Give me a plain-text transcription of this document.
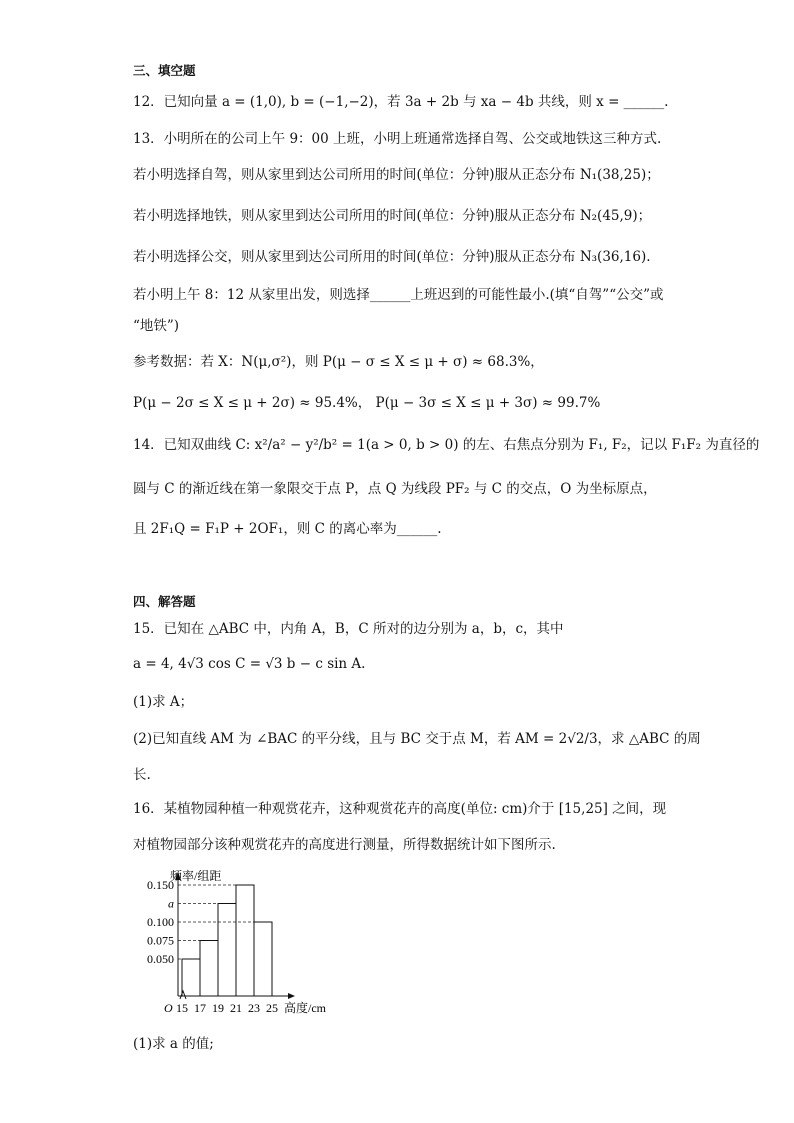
三、填空题
12．已知向量 a = (1,0), b = (−1,−2)，若 3a + 2b 与 xa − 4b 共线，则 x = ______.
13．小明所在的公司上午 9：00 上班，小明上班通常选择自驾、公交或地铁这三种方式.
若小明选择自驾，则从家里到达公司所用的时间(单位：分钟)服从正态分布 N₁(38,25)；
若小明选择地铁，则从家里到达公司所用的时间(单位：分钟)服从正态分布 N₂(45,9)；
若小明选择公交，则从家里到达公司所用的时间(单位：分钟)服从正态分布 N₃(36,16).
若小明上午 8：12 从家里出发，则选择______上班迟到的可能性最小.(填“自驾”“公交”或
“地铁”)
参考数据：若 X：N(μ,σ²)，则 P(μ − σ ≤ X ≤ μ + σ) ≈ 68.3%，
P(μ − 2σ ≤ X ≤ μ + 2σ) ≈ 95.4%， P(μ − 3σ ≤ X ≤ μ + 3σ) ≈ 99.7%
14．已知双曲线 C: x²/a² − y²/b² = 1(a > 0, b > 0) 的左、右焦点分别为 F₁, F₂，记以 F₁F₂ 为直径的
圆与 C 的渐近线在第一象限交于点 P，点 Q 为线段 PF₂ 与 C 的交点，O 为坐标原点，
且 2F₁Q = F₁P + 2OF₁，则 C 的离心率为______.
四、解答题
15．已知在 △ABC 中，内角 A，B，C 所对的边分别为 a，b，c，其中
a = 4, 4√3 cos C = √3 b − c sin A.
(1)求 A；
(2)已知直线 AM 为 ∠BAC 的平分线，且与 BC 交于点 M，若 AM = 2√2/3，求 △ABC 的周
长.
16．某植物园种植一种观赏花卉，这种观赏花卉的高度(单位: cm)介于 [15,25] 之间，现
对植物园部分该种观赏花卉的高度进行测量，所得数据统计如下图所示.
0.050
0.075
0.100
a
0.150
15 17 19 21 23 25
O	高度/cm
频率/组距
(1)求 a 的值;
